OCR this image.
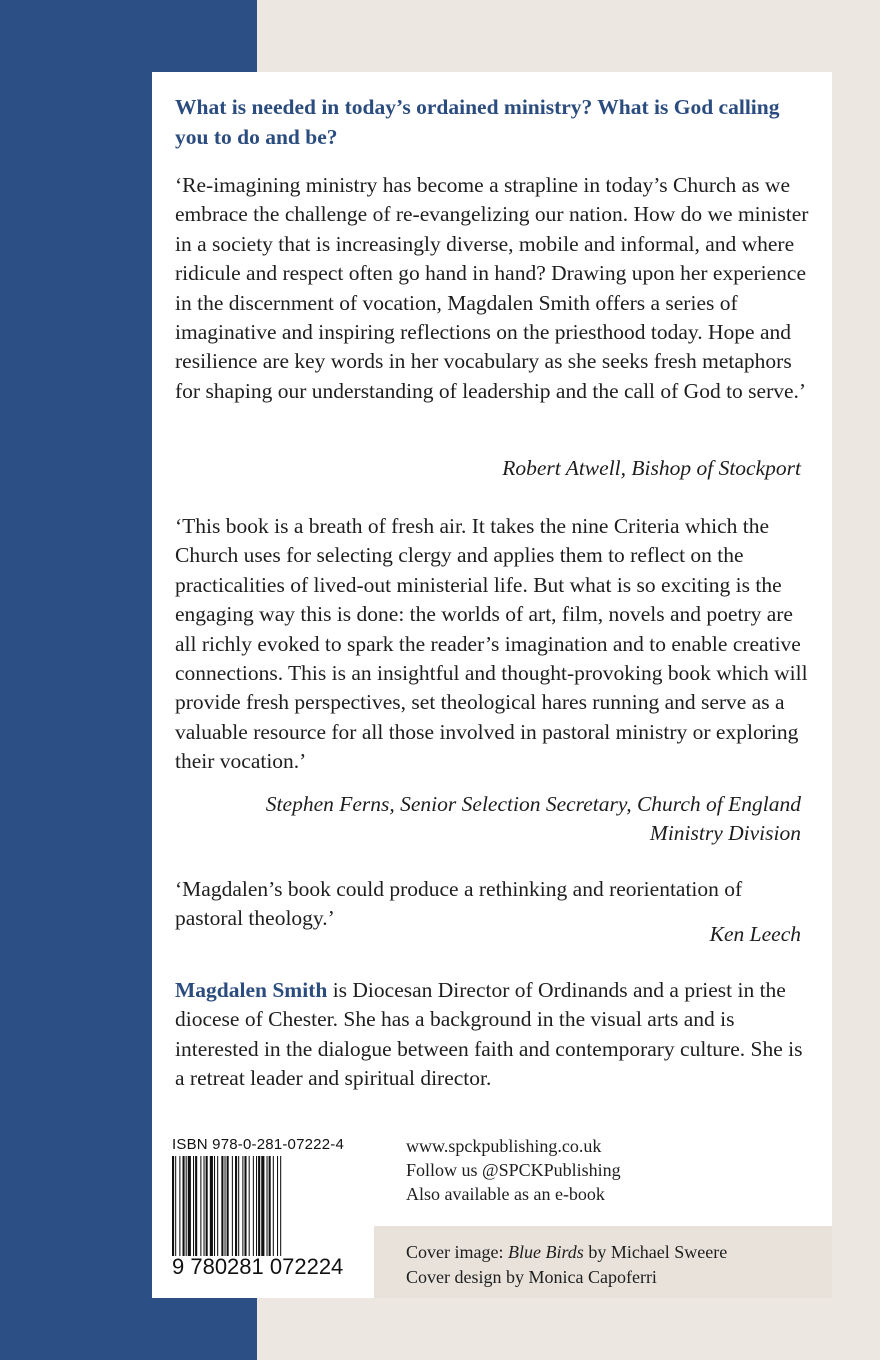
What is needed in today’s ordained ministry? What is God calling you to do and be?

‘Re-imagining ministry has become a strapline in today’s Church as we embrace the challenge of re-evangelizing our nation. How do we minister in a society that is increasingly diverse, mobile and informal, and where ridicule and respect often go hand in hand? Drawing upon her experience in the discernment of vocation, Magdalen Smith offers a series of imaginative and inspiring reflections on the priesthood today. Hope and resilience are key words in her vocabulary as she seeks fresh metaphors for shaping our understanding of leadership and the call of God to serve.’

Robert Atwell, Bishop of Stockport

‘This book is a breath of fresh air. It takes the nine Criteria which the Church uses for selecting clergy and applies them to reflect on the practicalities of lived-out ministerial life. But what is so exciting is the engaging way this is done: the worlds of art, film, novels and poetry are all richly evoked to spark the reader’s imagination and to enable creative connections. This is an insightful and thought-provoking book which will provide fresh perspectives, set theological hares running and serve as a valuable resource for all those involved in pastoral ministry or exploring their vocation.’

Stephen Ferns, Senior Selection Secretary, Church of England
Ministry Division

‘Magdalen’s book could produce a rethinking and reorientation of pastoral theology.’

Ken Leech
Magdalen Smith is Diocesan Director of Ordinands and a priest in the diocese of Chester. She has a background in the visual arts and is interested in the dialogue between faith and contemporary culture. She is a retreat leader and spiritual director.
ISBN 978-0-281-07222-4
9 780281 072224
www.spckpublishing.co.uk
Follow us @SPCKPublishing
Also available as an e-book
Cover image: Blue Birds by Michael Sweere
Cover design by Monica Capoferri
